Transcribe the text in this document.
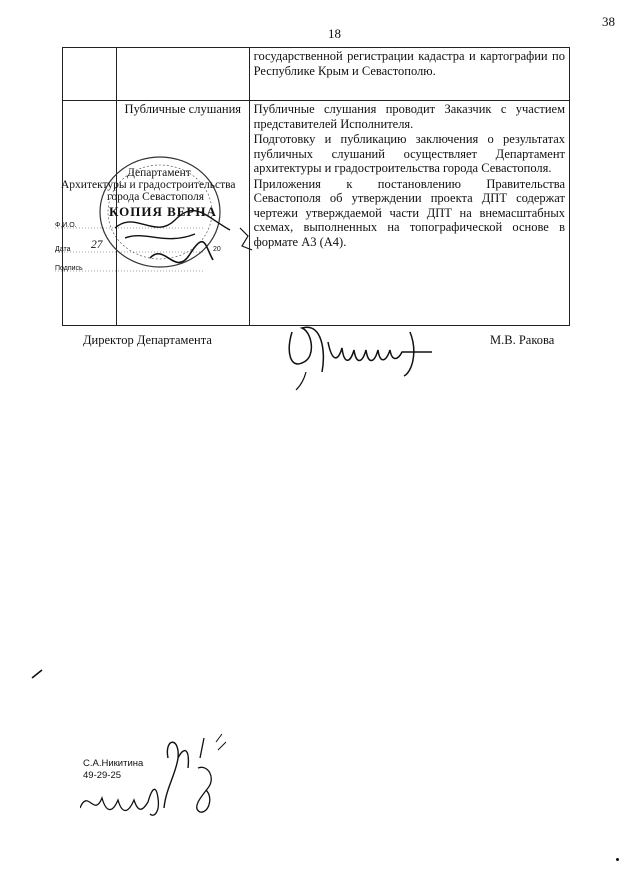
18
38

		государственной регистрации кадастра и картографии по Республике Крым и Севастополю.

	Публичные слушания	Публичные слушания проводит Заказчик с участием представителей Исполнителя.

Подготовку и публикацию заключения о результатах публичных слушаний осуществляет Департамент архитектуры и градостроительства города Севастополя.

Приложения к постановлению Правительства Севастополя об утверждении проекта ДПТ содержат чертежи утверждаемой части ДПТ на внемасштабных схемах, выполненных на топографической основе в формате А3 (А4).

Департамент
Архитектуры и градостроительства
города Севастополя
КОПИЯ ВЕРНА
Ф.И.О.
Дата 27	20
Подпись
Директор Департамента	М.В. Ракова
С.А.Никитина
49-29-25
